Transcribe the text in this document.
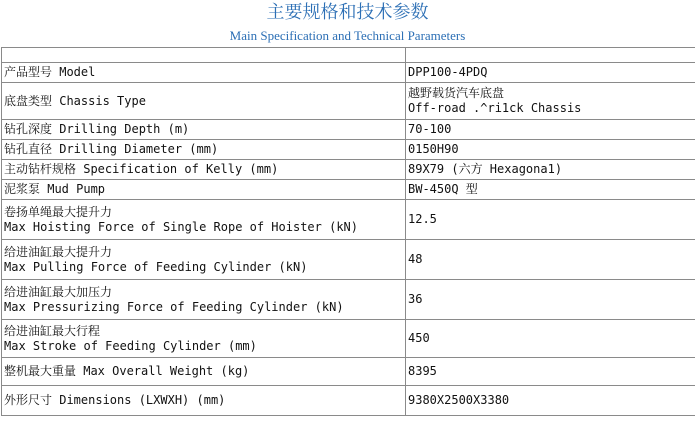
主要规格和技术参数
Main Specification and Technical Parameters

产品型号 Model	DPP100-4PDQ

底盘类型 Chassis Type	越野载货汽车底盘
Off-road .^ri1ck Chassis

钻孔深度 Drilling Depth (m)	70-100

钻孔直径 Drilling Diameter (mm)	0150H90

主动钻杆规格 Specification of Kelly (mm)	89X79 (六方 Hexagona1)

泥浆泵 Mud Pump	BW-450Q 型

卷扬单绳最大提升力
Max Hoisting Force of Single Rope of Hoister (kN)	12.5

给进油缸最大提升力
Max Pulling Force of Feeding Cylinder (kN)	48

给进油缸最大加压力
Max Pressurizing Force of Feeding Cylinder (kN)	36

给进油缸最大行程
Max Stroke of Feeding Cylinder (mm)	450

整机最大重量 Max Overall Weight (kg)	8395

外形尺寸 Dimensions (LXWXH) (mm)	9380X2500X3380
